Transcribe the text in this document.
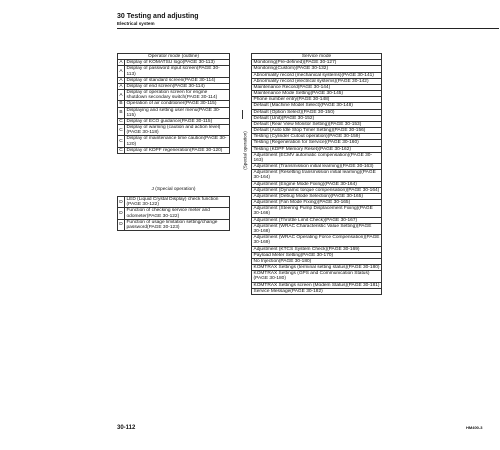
30 Testing and adjusting
Electrical system
Operator mode (outline)	
A	Display of KOMATSU logo(PAGE 30-113)
A	Display of password input screen(PAGE 30-113)
A	Display of standard screen(PAGE 30-114)
A	Display of end screen(PAGE 30-114)
A	Display of operation screen for engine shutdown secondary switch(PAGE 30-114)
B	Operation of air conditioner(PAGE 30-115)
B	Displaying and setting user menu(PAGE 30-115)
C	Display of ECO guidance(PAGE 30-115)
C	Display of warning (caution and action level)(PAGE 30-118)
C	Display of maintenance time caution(PAGE 30-120)
C	Display of KDPF regeneration(PAGE 30-120)
J (Special operation)
D	LED (Liquid Crystal Display) check function (PAGE 30-122)
D	Function of checking service meter and odometer(PAGE 30-122)
D	Function of usage limitation setting/change password(PAGE 30-123)
(Special operation)
Service mode
Monitoring(Pre-defined)(PAGE 30-127)
Monitoring(Custom)(PAGE 30-132)
Abnormality record (mechanical systems)(PAGE 30-141)
Abnormality record (electrical systems)(PAGE 30-142)
Maintenance Record(PAGE 30-144)
Maintenance Mode Setting(PAGE 30-145)
Phone number entry(PAGE 30-148)
Default (Machine Model Select)(PAGE 30-148)
Default (Option Select)(PAGE 30-150)
Default (Unit)(PAGE 30-152)
Default (Rear View Monitor Setting)(PAGE 30-153)
Default (Auto Idle Stop Timer Setting)(PAGE 30-156)
Testing (Cylinder Cutout operation)(PAGE 30-159)
Testing (Regeneration for Service)(PAGE 30-160)
Testing (KDPF Memory Reset)(PAGE 30-162)
Adjustment (ECMV automatic compensation)(PAGE 30-163)
Adjustment (Transmission initial learning)(PAGE 30-163)
Adjustment (Resetting transmission initial learning)(PAGE 30-164)
Adjustment (Engine Mode Fixing)(PAGE 30-164)
Adjustment (Dynamic torque compensation)(PAGE 30-164)
Adjustment (Debug Mode Selection)(PAGE 30-165)
Adjustment (Fan Mode Fixing)(PAGE 30-165)
Adjustment (Steering Pump Displacement Fixing)(PAGE 30-166)
Adjustment (Throttle Limit Check)(PAGE 30-167)
Adjustment (WRAC Characteristic Value Setting)(PAGE 30-168)
Adjustment (WRAC Operating Force Compensation)(PAGE 30-169)
Adjustment (KTCS System Check)(PAGE 30-169)
Payload Meter Setting(PAGE 30-170)
No Injection(PAGE 30-180)
KOMTRAX Settings (terminal setting status)(PAGE 30-180)
KOMTRAX Settings (GPS and Communication Status)(PAGE 30-180)
KOMTRAX Settings screen (Modem Status)(PAGE 30-181)
Service Message(PAGE 30-182)
30-112	HM400-3
